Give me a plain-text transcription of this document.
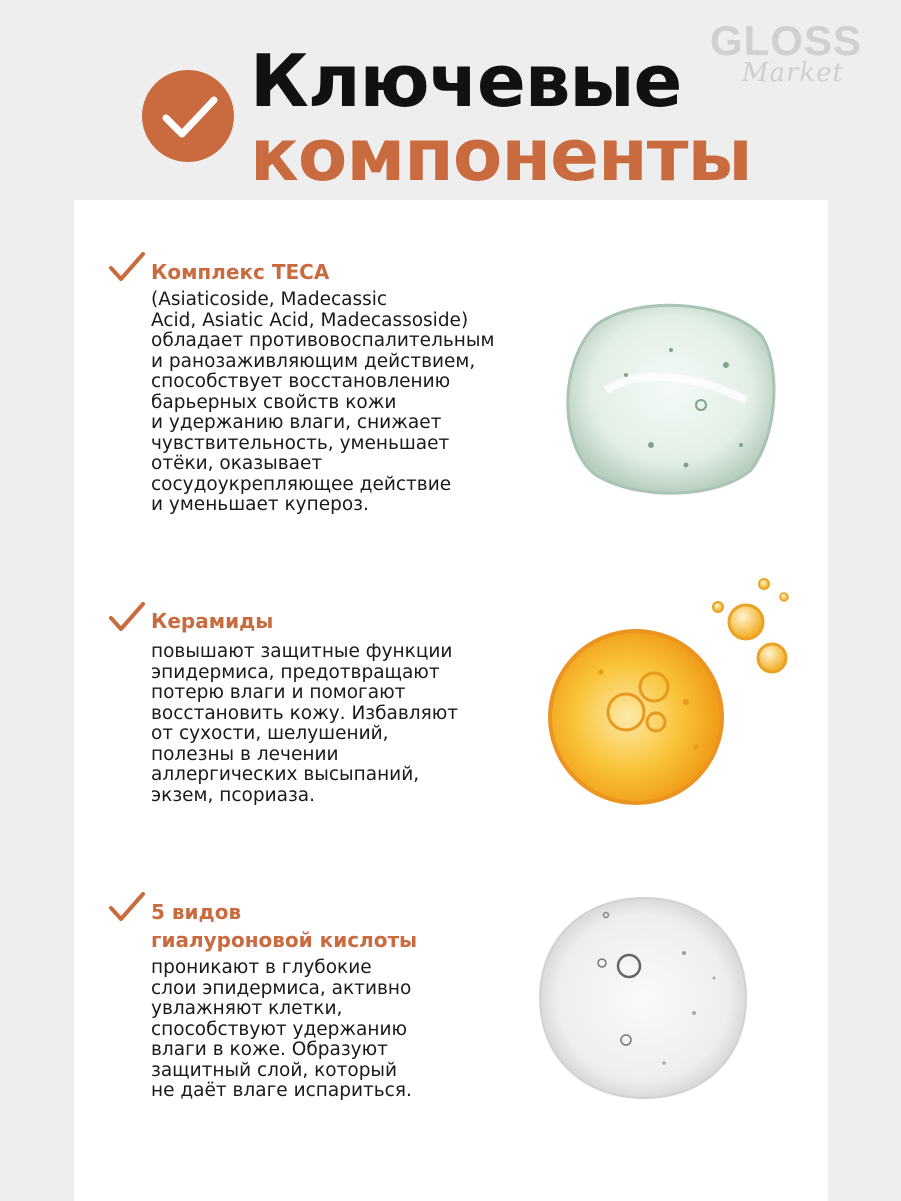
GLOSS
Market
Ключевые
компоненты
Комплекс TECA
(Asiaticoside, Madecassic
Acid, Asiatic Acid, Madecassoside)
обладает противовоспалительным
и ранозаживляющим действием,
способствует восстановлению
барьерных свойств кожи
и удержанию влаги, снижает
чувствительность, уменьшает
отёки, оказывает
сосудоукрепляющее действие
и уменьшает купероз.
Керамиды
повышают защитные функции
эпидермиса, предотвращают
потерю влаги и помогают
восстановить кожу. Избавляют
от сухости, шелушений,
полезны в лечении
аллергических высыпаний,
экзем, псориаза.
5 видов
гиалуроновой кислоты
проникают в глубокие
слои эпидермиса, активно
увлажняют клетки,
способствуют удержанию
влаги в коже. Образуют
защитный слой, который
не даёт влаге испариться.
